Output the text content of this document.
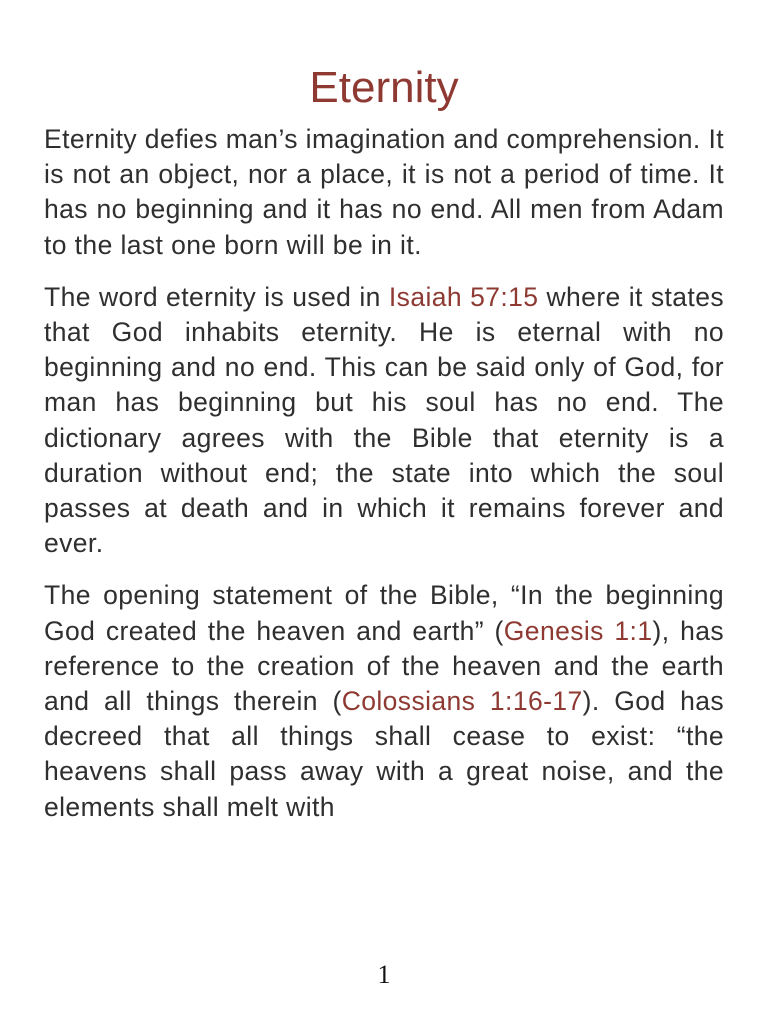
Eternity

Eternity defies man’s imagination and comprehension. It is not an object, nor a place, it is not a period of time. It has no beginning and it has no end. All men from Adam to the last one born will be in it.

The word eternity is used in Isaiah 57:15 where it states that God inhabits eternity. He is eternal with no beginning and no end. This can be said only of God, for man has beginning but his soul has no end. The dictionary agrees with the Bible that eternity is a duration without end; the state into which the soul passes at death and in which it remains forever and ever.

The opening statement of the Bible, “In the beginning God created the heaven and earth” (Genesis 1:1), has reference to the creation of the heaven and the earth and all things therein (Colossians 1:16-17). God has decreed that all things shall cease to exist: “the heavens shall pass away with a great noise, and the elements shall melt with

1
